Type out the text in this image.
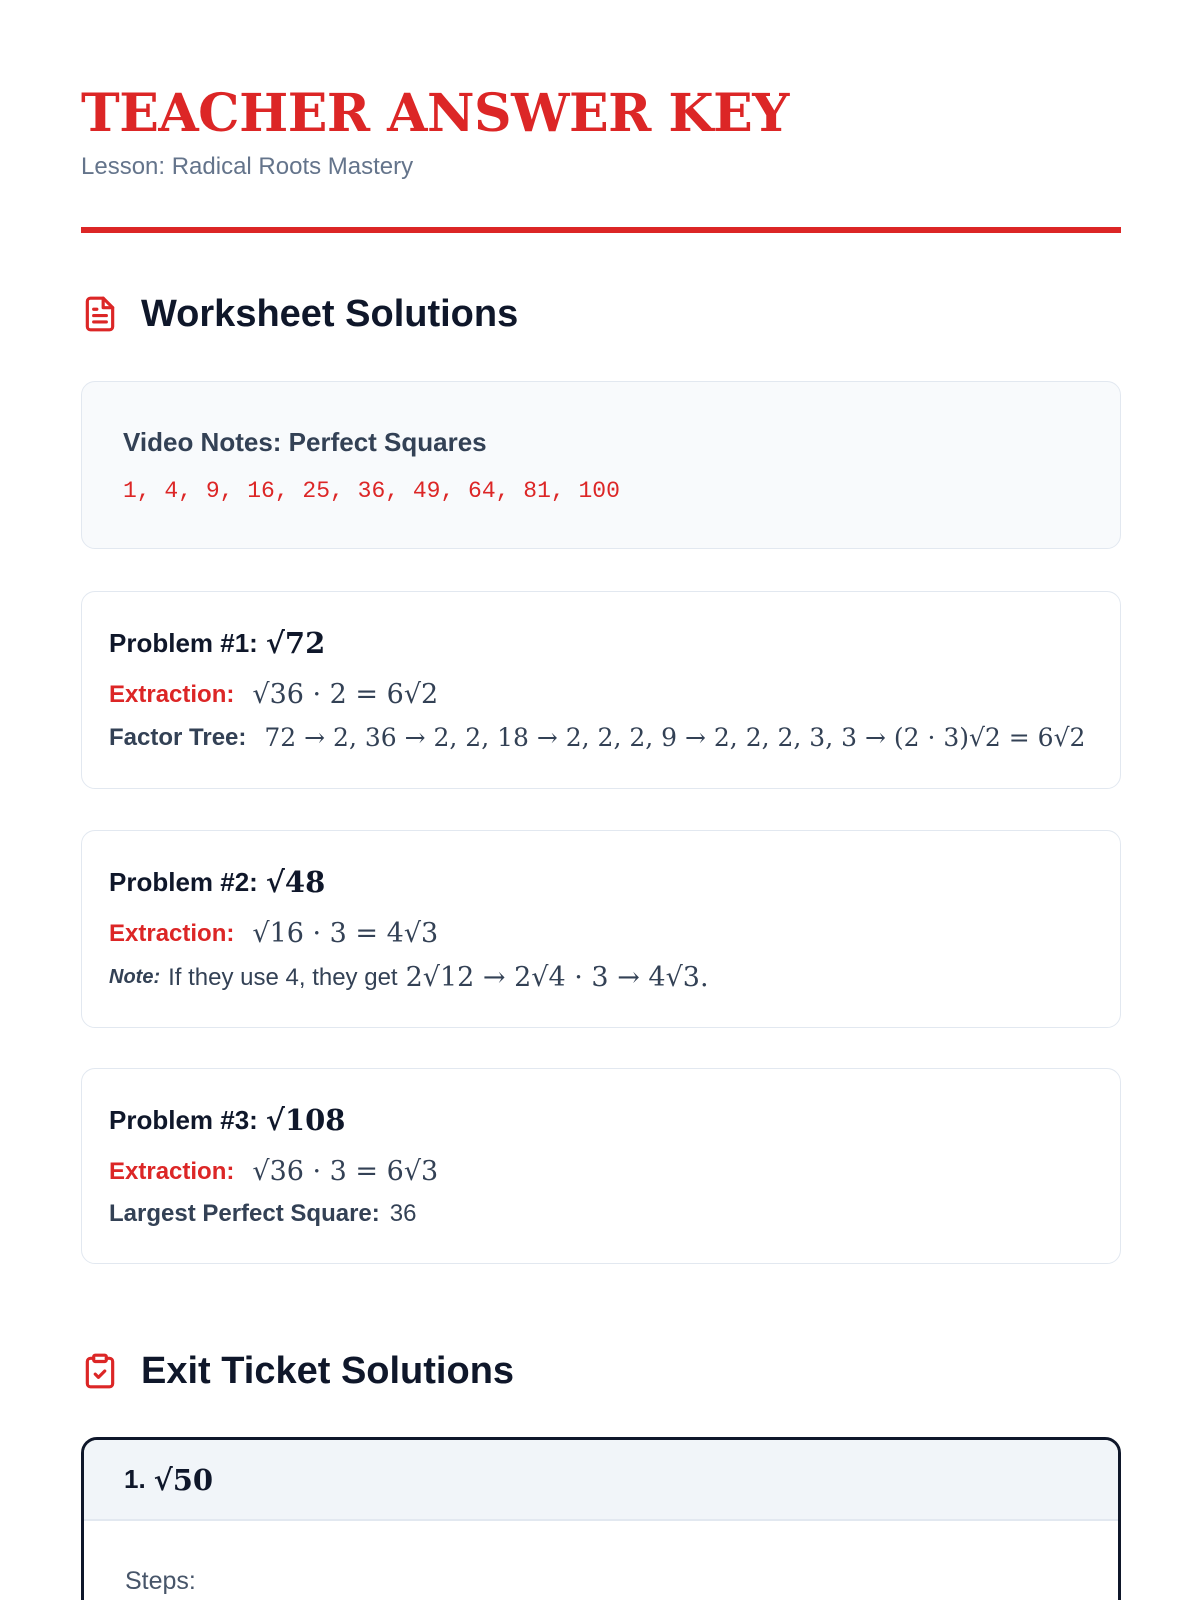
TEACHER ANSWER KEY
Lesson: Radical Roots Mastery
Worksheet Solutions
Video Notes: Perfect Squares
1, 4, 9, 16, 25, 36, 49, 64, 81, 100
Problem #1: √72
Extraction: √36 · 2 = 6√2
Factor Tree: 72 → 2, 36 → 2, 2, 18 → 2, 2, 2, 9 → 2, 2, 2, 3, 3 → (2 · 3)√2 = 6√2
Problem #2: √48
Extraction: √16 · 3 = 4√3
Note: If they use 4, they get 2√12 → 2√4 · 3 → 4√3.
Problem #3: √108
Extraction: √36 · 3 = 6√3
Largest Perfect Square: 36
Exit Ticket Solutions
1. √50
Steps:
